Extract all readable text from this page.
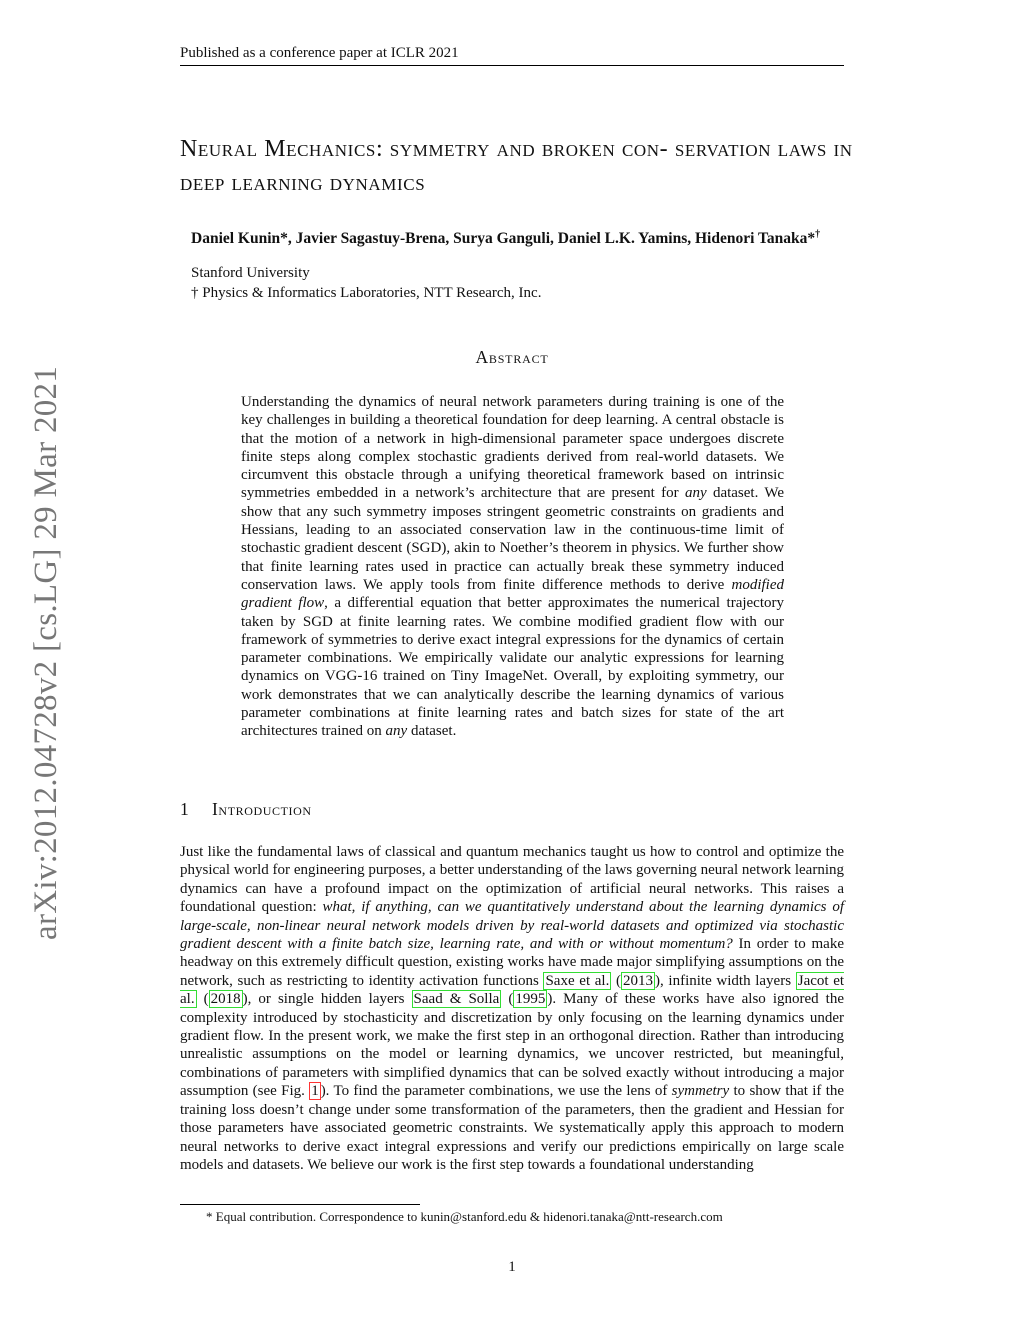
Published as a conference paper at ICLR 2021
Neural Mechanics: symmetry and broken con- servation laws in deep learning dynamics
Daniel Kunin*, Javier Sagastuy-Brena, Surya Ganguli, Daniel L.K. Yamins, Hidenori Tanaka*†
Stanford University
† Physics & Informatics Laboratories, NTT Research, Inc.
arXiv:2012.04728v2 [cs.LG] 29 Mar 2021
Abstract

Understanding the dynamics of neural network parameters during training is one of the key challenges in building a theoretical foundation for deep learning. A central obstacle is that the motion of a network in high-dimensional parameter space undergoes discrete finite steps along complex stochastic gradients derived from real-world datasets. We circumvent this obstacle through a unifying theoretical framework based on intrinsic symmetries embedded in a network’s architecture that are present for any dataset. We show that any such symmetry imposes stringent geometric constraints on gradients and Hessians, leading to an associated conservation law in the continuous-time limit of stochastic gradient descent (SGD), akin to Noether’s theorem in physics. We further show that finite learning rates used in practice can actually break these symmetry induced conservation laws. We apply tools from finite difference methods to derive modified gradient flow, a differential equation that better approximates the numerical trajectory taken by SGD at finite learning rates. We combine modified gradient flow with our framework of symmetries to derive exact integral expressions for the dynamics of certain parameter combinations. We empirically validate our analytic expressions for learning dynamics on VGG-16 trained on Tiny ImageNet. Overall, by exploiting symmetry, our work demonstrates that we can analytically describe the learning dynamics of various parameter combinations at finite learning rates and batch sizes for state of the art architectures trained on any dataset.

1 Introduction

Just like the fundamental laws of classical and quantum mechanics taught us how to control and optimize the physical world for engineering purposes, a better understanding of the laws governing neural network learning dynamics can have a profound impact on the optimization of artificial neural networks. This raises a foundational question: what, if anything, can we quantitatively understand about the learning dynamics of large-scale, non-linear neural network models driven by real-world datasets and optimized via stochastic gradient descent with a finite batch size, learning rate, and with or without momentum? In order to make headway on this extremely difficult question, existing works have made major simplifying assumptions on the network, such as restricting to identity activation functions Saxe et al. ( 2013 ), infinite width layers Jacot et al. ( 2018 ), or single hidden layers Saad & Solla ( 1995 ). Many of these works have also ignored the complexity introduced by stochasticity and discretization by only focusing on the learning dynamics under gradient flow. In the present work, we make the first step in an orthogonal direction. Rather than introducing unrealistic assumptions on the model or learning dynamics, we uncover restricted, but meaningful, combinations of parameters with simplified dynamics that can be solved exactly without introducing a major assumption (see Fig. 1 ). To find the parameter combinations, we use the lens of symmetry to show that if the training loss doesn’t change under some transformation of the parameters, then the gradient and Hessian for those parameters have associated geometric constraints. We systematically apply this approach to modern neural networks to derive exact integral expressions and verify our predictions empirically on large scale models and datasets. We believe our work is the first step towards a foundational understanding

* Equal contribution. Correspondence to kunin@stanford.edu & hidenori.tanaka@ntt-research.com
1
